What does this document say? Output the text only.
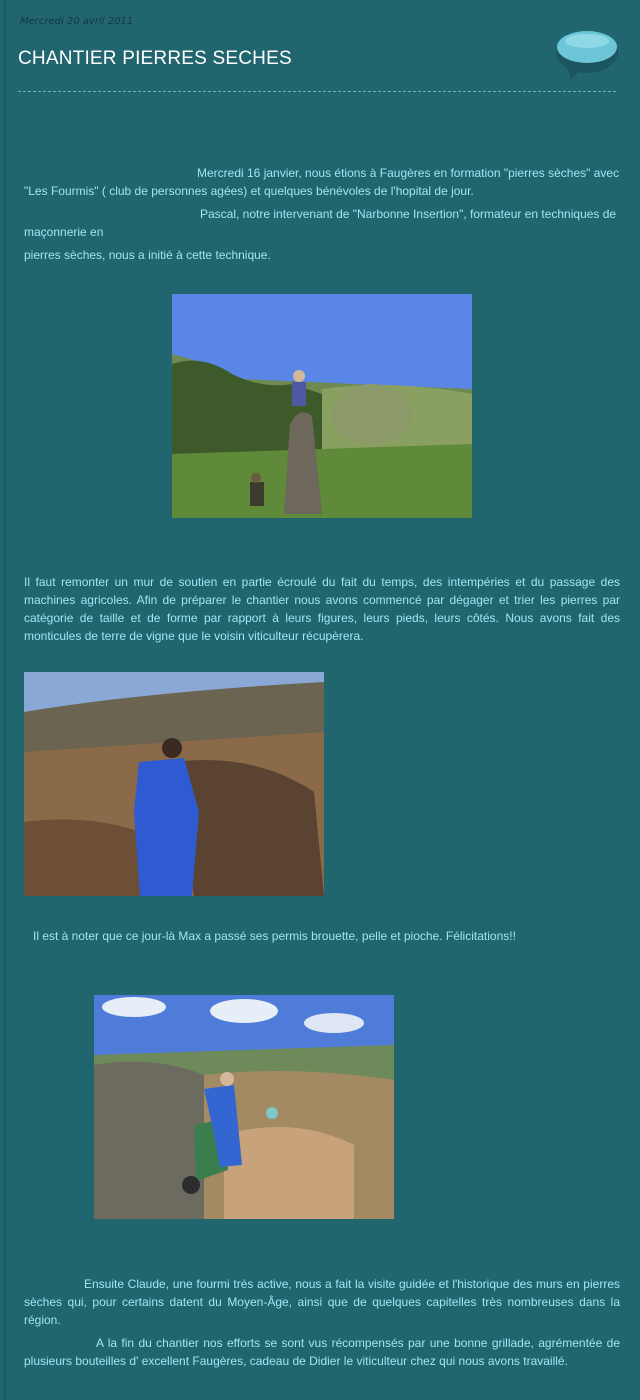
Mercredi 20 avril 2011
CHANTIER PIERRES SECHES
Mercredi 16 janvier, nous étions à Faugères en formation "pierres sèches" avec
"Les Fourmis" ( club de personnes agées) et quelques bénévoles de l'hopital de jour.
Pascal, notre intervenant de "Narbonne Insertion", formateur en techniques de
maçonnerie en
pierres sèches, nous a initié à cette technique.
Il faut remonter un mur de soutien en partie écroulé du fait du temps, des intempéries et du passage des machines agricoles. Afin de préparer le chantier nous avons commencé par dégager et trier les pierres par catégorie de taille et de forme par rapport à leurs figures, leurs pieds, leurs côtés. Nous avons fait des monticules de terre de vigne que le voisin viticulteur récupèrera.
Il est à noter que ce jour-là Max a passé ses permis brouette, pelle et pioche. Félicitations!!
Ensuite Claude, une fourmi très active, nous a fait la visite guidée et l'historique des murs en pierres sèches qui, pour certains datent du Moyen-Âge, ainsi que de quelques capitelles très nombreuses dans la région.
A la fin du chantier nos efforts se sont vus récompensés par une bonne grillade, agrémentée de plusieurs bouteilles d' excellent Faugères, cadeau de Didier le viticulteur chez qui nous avons travaillé.
